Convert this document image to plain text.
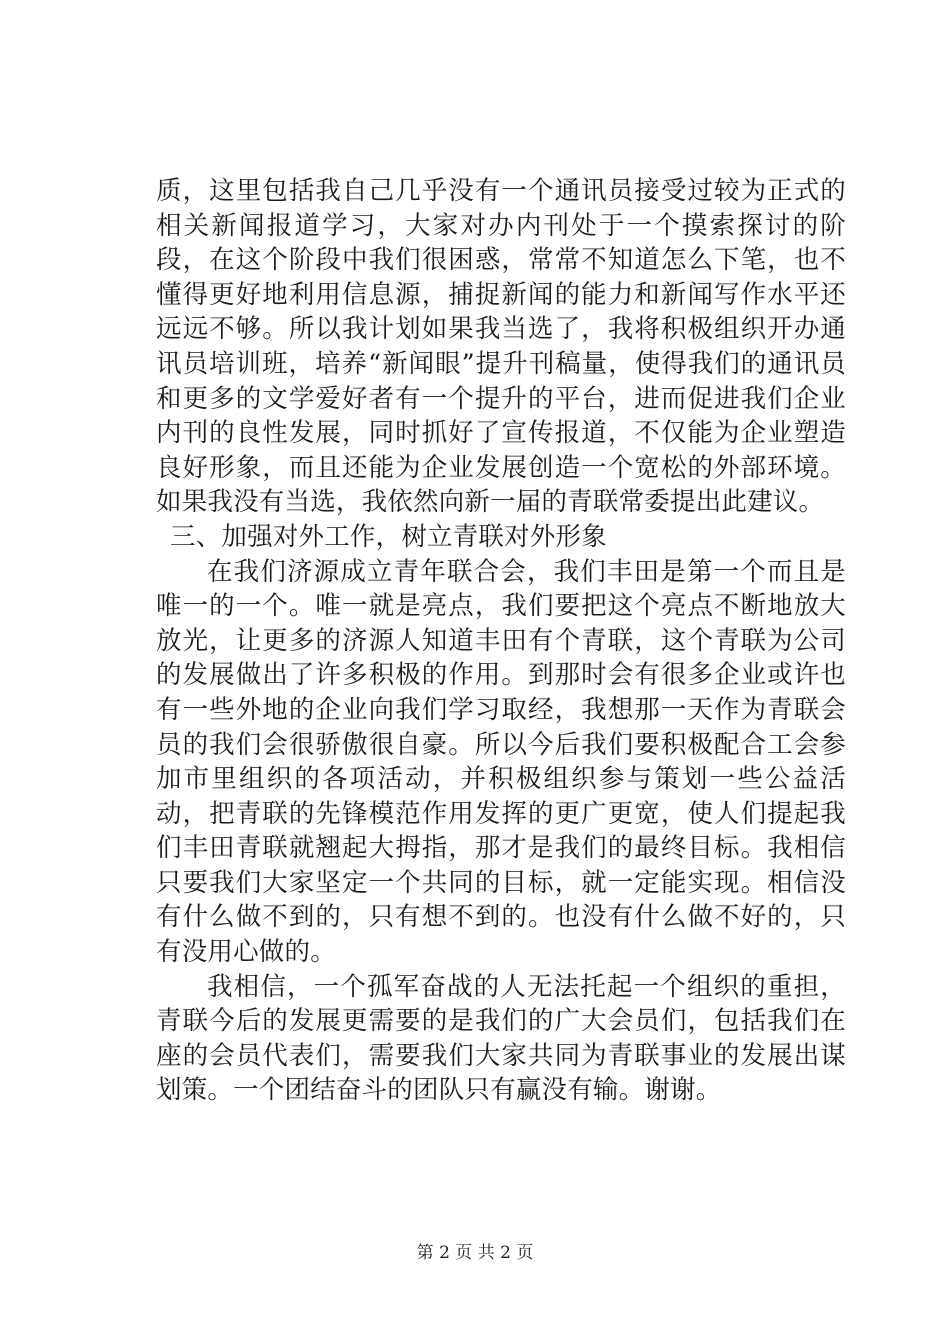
质，这里包括我自己几乎没有一个通讯员接受过较为正式的相关新闻报道学习，大家对办内刊处于一个摸索探讨的阶段，在这个阶段中我们很困惑，常常不知道怎么下笔，也不懂得更好地利用信息源，捕捉新闻的能力和新闻写作水平还远远不够。所以我计划如果我当选了，我将积极组织开办通讯员培训班，培养“新闻眼”提升刊稿量，使得我们的通讯员和更多的文学爱好者有一个提升的平台，进而促进我们企业内刊的良性发展，同时抓好了宣传报道，不仅能为企业塑造良好形象，而且还能为企业发展创造一个宽松的外部环境。如果我没有当选，我依然向新一届的青联常委提出此建议。

三、加强对外工作，树立青联对外形象

在我们济源成立青年联合会，我们丰田是第一个而且是唯一的一个。唯一就是亮点，我们要把这个亮点不断地放大放光，让更多的济源人知道丰田有个青联，这个青联为公司的发展做出了许多积极的作用。到那时会有很多企业或许也有一些外地的企业向我们学习取经，我想那一天作为青联会员的我们会很骄傲很自豪。所以今后我们要积极配合工会参加市里组织的各项活动，并积极组织参与策划一些公益活动，把青联的先锋模范作用发挥的更广更宽，使人们提起我们丰田青联就翘起大拇指，那才是我们的最终目标。我相信只要我们大家坚定一个共同的目标，就一定能实现。相信没有什么做不到的，只有想不到的。也没有什么做不好的，只有没用心做的。

我相信，一个孤军奋战的人无法托起一个组织的重担，青联今后的发展更需要的是我们的广大会员们，包括我们在座的会员代表们，需要我们大家共同为青联事业的发展出谋划策。一个团结奋斗的团队只有赢没有输。谢谢。

第 2 页 共 2 页
